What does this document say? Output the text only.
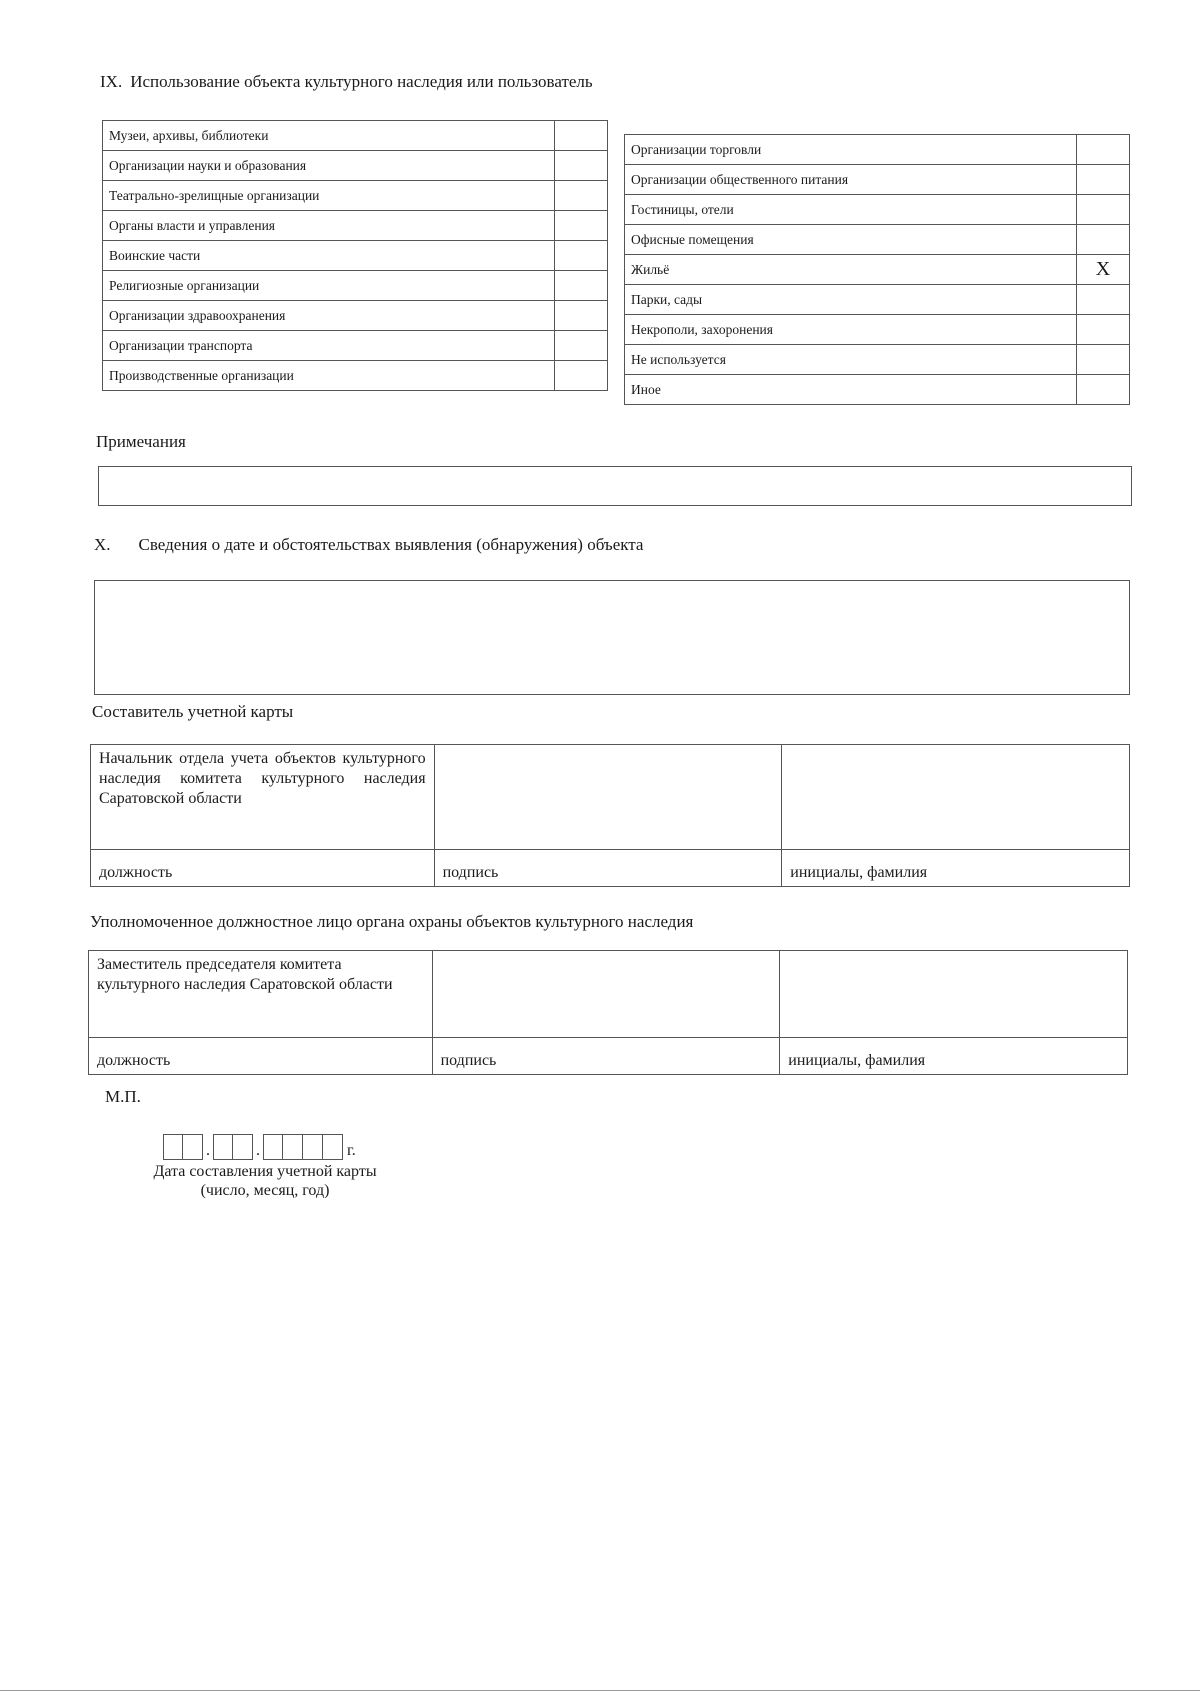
IX. Использование объекта культурного наследия или пользователь
Музеи, архивы, библиотеки	
Организации науки и образования	
Театрально-зрелищные организации	
Органы власти и управления	
Воинские части	
Религиозные организации	
Организации здравоохранения	
Организации транспорта	
Производственные организации	
Организации торговли	
Организации общественного питания	
Гостиницы, отели	
Офисные помещения	
Жильё	X
Парки, сады	
Некрополи, захоронения	
Не используется	
Иное	
Примечания
X. Сведения о дате и обстоятельствах выявления (обнаружения) объекта
Составитель учетной карты
Начальник отдела учета объектов культурного наследия комитета культурного наследия Саратовской области		
должность	подпись	инициалы, фамилия
Уполномоченное должностное лицо органа охраны объектов культурного наследия
Заместитель председателя комитета культурного наследия Саратовской области		
должность	подпись	инициалы, фамилия
М.П.
.	.	г.
Дата составления учетной карты
(число, месяц, год)
